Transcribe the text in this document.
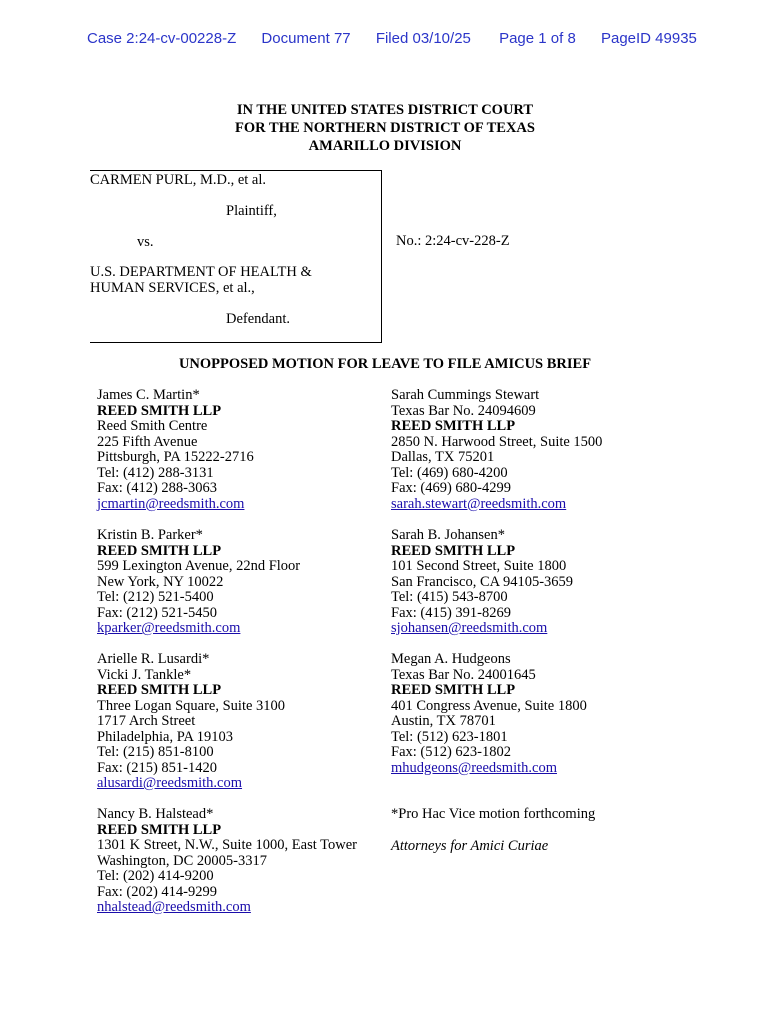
Case 2:24-cv-00228-Z Document 77 Filed 03/10/25 Page 1 of 8 PageID 49935
IN THE UNITED STATES DISTRICT COURT
FOR THE NORTHERN DISTRICT OF TEXAS
AMARILLO DIVISION
CARMEN PURL, M.D., et al.
Plaintiff,
vs.
U.S. DEPARTMENT OF HEALTH &
HUMAN SERVICES, et al.,
Defendant.
No.: 2:24-cv-228-Z
UNOPPOSED MOTION FOR LEAVE TO FILE AMICUS BRIEF
James C. Martin*
REED SMITH LLP
Reed Smith Centre
225 Fifth Avenue
Pittsburgh, PA 15222-2716
Tel: (412) 288-3131
Fax: (412) 288-3063
jcmartin@reedsmith.com
Sarah Cummings Stewart
Texas Bar No. 24094609
REED SMITH LLP
2850 N. Harwood Street, Suite 1500
Dallas, TX 75201
Tel: (469) 680-4200
Fax: (469) 680-4299
sarah.stewart@reedsmith.com
Kristin B. Parker*
REED SMITH LLP
599 Lexington Avenue, 22nd Floor
New York, NY 10022
Tel: (212) 521-5400
Fax: (212) 521-5450
kparker@reedsmith.com
Sarah B. Johansen*
REED SMITH LLP
101 Second Street, Suite 1800
San Francisco, CA 94105-3659
Tel: (415) 543-8700
Fax: (415) 391-8269
sjohansen@reedsmith.com
Arielle R. Lusardi*
Vicki J. Tankle*
REED SMITH LLP
Three Logan Square, Suite 3100
1717 Arch Street
Philadelphia, PA 19103
Tel: (215) 851-8100
Fax: (215) 851-1420
alusardi@reedsmith.com
Megan A. Hudgeons
Texas Bar No. 24001645
REED SMITH LLP
401 Congress Avenue, Suite 1800
Austin, TX 78701
Tel: (512) 623-1801
Fax: (512) 623-1802
mhudgeons@reedsmith.com
Nancy B. Halstead*
REED SMITH LLP
1301 K Street, N.W., Suite 1000, East Tower
Washington, DC 20005-3317
Tel: (202) 414-9200
Fax: (202) 414-9299
nhalstead@reedsmith.com
*Pro Hac Vice motion forthcoming
Attorneys for Amici Curiae
